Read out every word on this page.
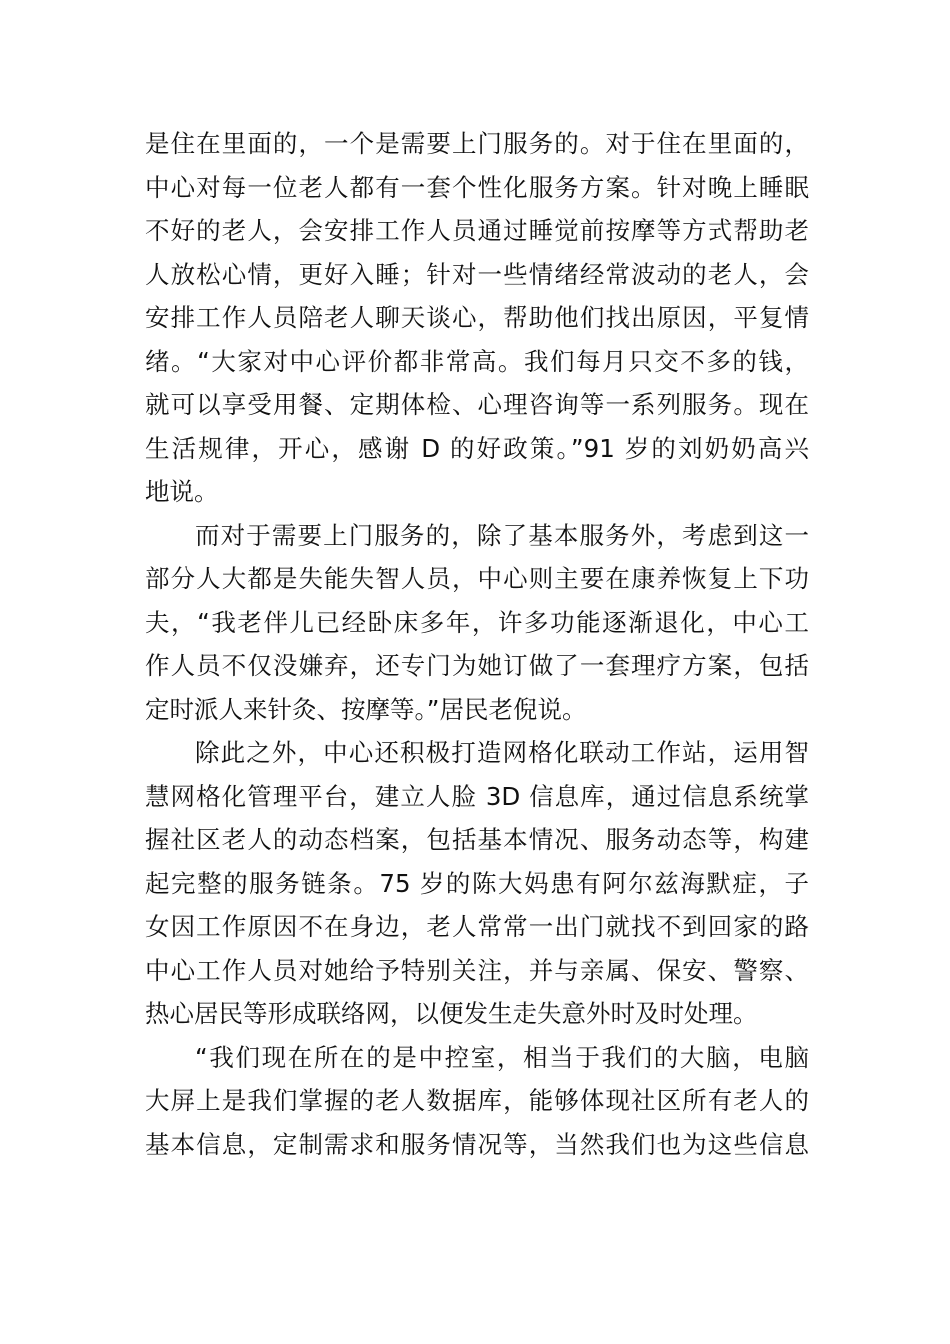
是住在里面的，一个是需要上门服务的。对于住在里面的，
中心对每一位老人都有一套个性化服务方案。针对晚上睡眠
不好的老人，会安排工作人员通过睡觉前按摩等方式帮助老
人放松心情，更好入睡；针对一些情绪经常波动的老人，会
安排工作人员陪老人聊天谈心，帮助他们找出原因，平复情
绪。“大家对中心评价都非常高。我们每月只交不多的钱，
就可以享受用餐、定期体检、心理咨询等一系列服务。现在
生活规律，开心，感谢 D 的好政策。”91 岁的刘奶奶高兴
地说。
而对于需要上门服务的，除了基本服务外，考虑到这一
部分人大都是失能失智人员，中心则主要在康养恢复上下功
夫，“我老伴儿已经卧床多年，许多功能逐渐退化，中心工
作人员不仅没嫌弃，还专门为她订做了一套理疗方案，包括
定时派人来针灸、按摩等。”居民老倪说。
除此之外，中心还积极打造网格化联动工作站，运用智
慧网格化管理平台，建立人脸 3D 信息库，通过信息系统掌
握社区老人的动态档案，包括基本情况、服务动态等，构建
起完整的服务链条。75 岁的陈大妈患有阿尔兹海默症，子
女因工作原因不在身边，老人常常一出门就找不到回家的路
中心工作人员对她给予特别关注，并与亲属、保安、警察、
热心居民等形成联络网，以便发生走失意外时及时处理。
“我们现在所在的是中控室，相当于我们的大脑，电脑
大屏上是我们掌握的老人数据库，能够体现社区所有老人的
基本信息，定制需求和服务情况等，当然我们也为这些信息
